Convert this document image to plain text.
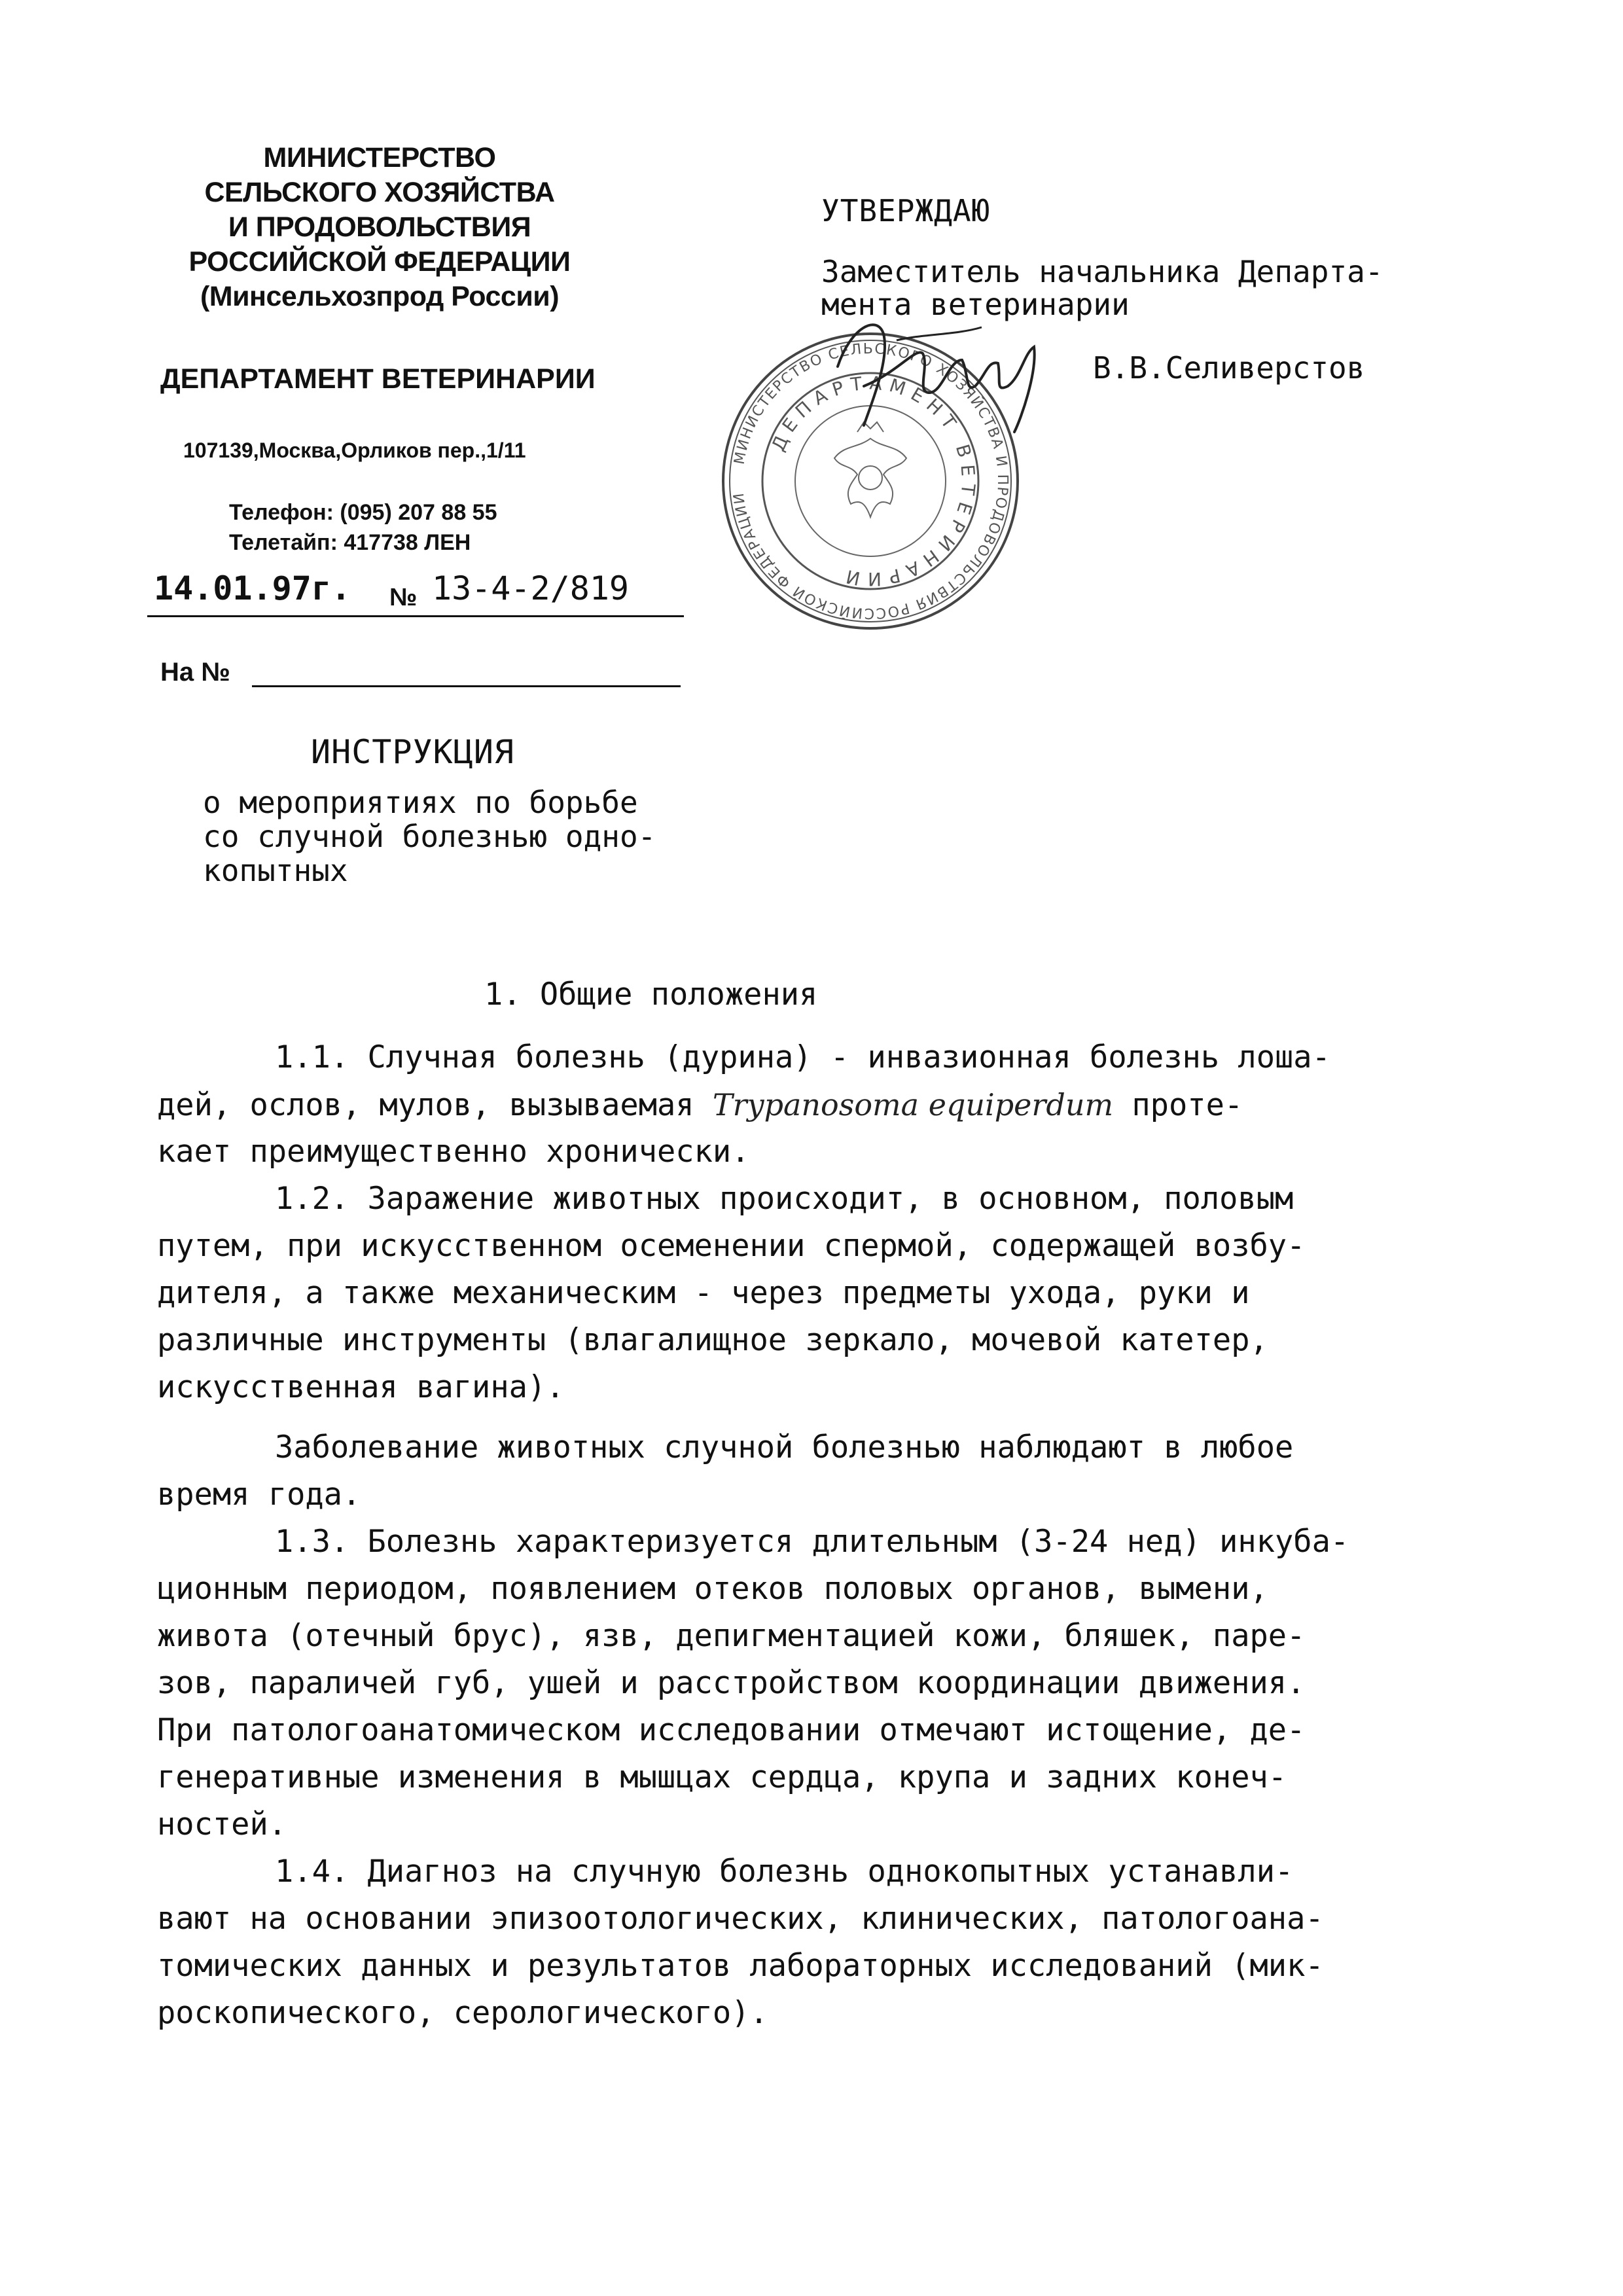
МИНИСТЕРСТВО
СЕЛЬСКОГО ХОЗЯЙСТВА
И ПРОДОВОЛЬСТВИЯ
РОССИЙСКОЙ ФЕДЕРАЦИИ
(Минсельхозпрод России)
ДЕПАРТАМЕНТ ВЕТЕРИНАРИИ
107139,Москва,Орликов пер.,1/11
Телефон: (095) 207 88 55
Телетайп: 417738 ЛЕН
14.01.97г. № 13-4-2/819
На №
УТВЕРЖДАЮ
Заместитель начальника Департа-
мента ветеринарии
МИНИСТЕРСТВО СЕЛЬСКОГО ХОЗЯЙСТВА И ПРОДОВОЛЬСТВИЯ РОССИЙСКОЙ ФЕДЕРАЦИИ
ДЕПАРТАМЕНТ ВЕТЕРИНАРИИ
В.В.Селиверстов
ИНСТРУКЦИЯ
о мероприятиях по борьбе
со случной болезнью одно-
копытных
1. Общие положения
1.1. Случная болезнь (дурина) - инвазионная болезнь лоша-
дей, ослов, мулов, вызываемая Trypanosoma equiperdum проте-
кает преимущественно хронически.
1.2. Заражение животных происходит, в основном, половым
путем, при искусственном осеменении спермой, содержащей возбу-
дителя, а также механическим - через предметы ухода, руки и
различные инструменты (влагалищное зеркало, мочевой катетер,
искусственная вагина).
Заболевание животных случной болезнью наблюдают в любое
время года.
1.3. Болезнь характеризуется длительным (3-24 нед) инкуба-
ционным периодом, появлением отеков половых органов, вымени,
живота (отечный брус), язв, депигментацией кожи, бляшек, паре-
зов, параличей губ, ушей и расстройством координации движения.
При патологоанатомическом исследовании отмечают истощение, де-
генеративные изменения в мышцах сердца, крупа и задних конеч-
ностей.
1.4. Диагноз на случную болезнь однокопытных устанавли-
вают на основании эпизоотологических, клинических, патологоана-
томических данных и результатов лабораторных исследований (мик-
роскопического, серологического).
